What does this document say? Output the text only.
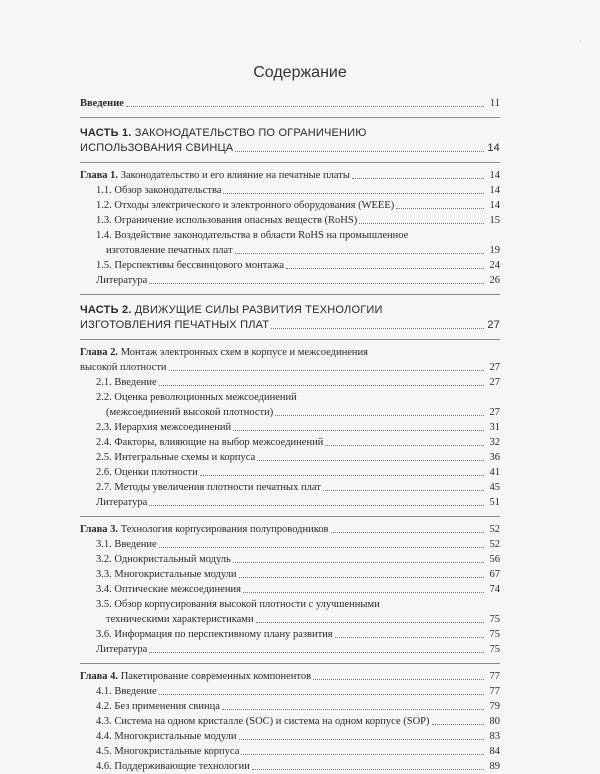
·
Содержание
Введение	11
ЧАСТЬ 1. ЗАКОНОДАТЕЛЬСТВО ПО ОГРАНИЧЕНИЮ
ИСПОЛЬЗОВАНИЯ СВИНЦА	14
Глава 1. Законодательство и его влияние на печатные платы	14
1.1. Обзор законодательства	14
1.2. Отходы электрического и электронного оборудования (WEEE)	14
1.3. Ограничение использования опасных веществ (RoHS)	15
1.4. Воздействие законодательства в области RoHS на промышленное
изготовление печатных плат	19
1.5. Перспективы бессвинцового монтажа	24
Литература	26
ЧАСТЬ 2. ДВИЖУЩИЕ СИЛЫ РАЗВИТИЯ ТЕХНОЛОГИИ
ИЗГОТОВЛЕНИЯ ПЕЧАТНЫХ ПЛАТ	27
Глава 2. Монтаж электронных схем в корпусе и межсоединения
высокой плотности	27
2.1. Введение	27
2.2. Оценка революционных межсоединений
(межсоединений высокой плотности)	27
2.3. Иерархия межсоединений	31
2.4. Факторы, влияющие на выбор межсоединений	32
2.5. Интегральные схемы и корпуса	36
2.6. Оценки плотности	41
2.7. Методы увеличения плотности печатных плат	45
Литература	51
Глава 3. Технология корпусирования полупроводников	52
3.1. Введение	52
3.2. Однокристальный модуль	56
3.3. Многокристальные модули	67
3.4. Оптические межсоединения	74
3.5. Обзор корпусирования высокой плотности с улучшенными
техническими характеристиками	75
3.6. Информация по перспективному плану развития	75
Литература	75
Глава 4. Пакетирование современных компонентов	77
4.1. Введение	77
4.2. Без применения свинца	79
4.3. Система на одном кристалле (SOC) и система на одном корпусе (SOP)	80
4.4. Многокристальные модули	83
4.5. Многокристальные корпуса	84
4.6. Поддерживающие технологии	89
